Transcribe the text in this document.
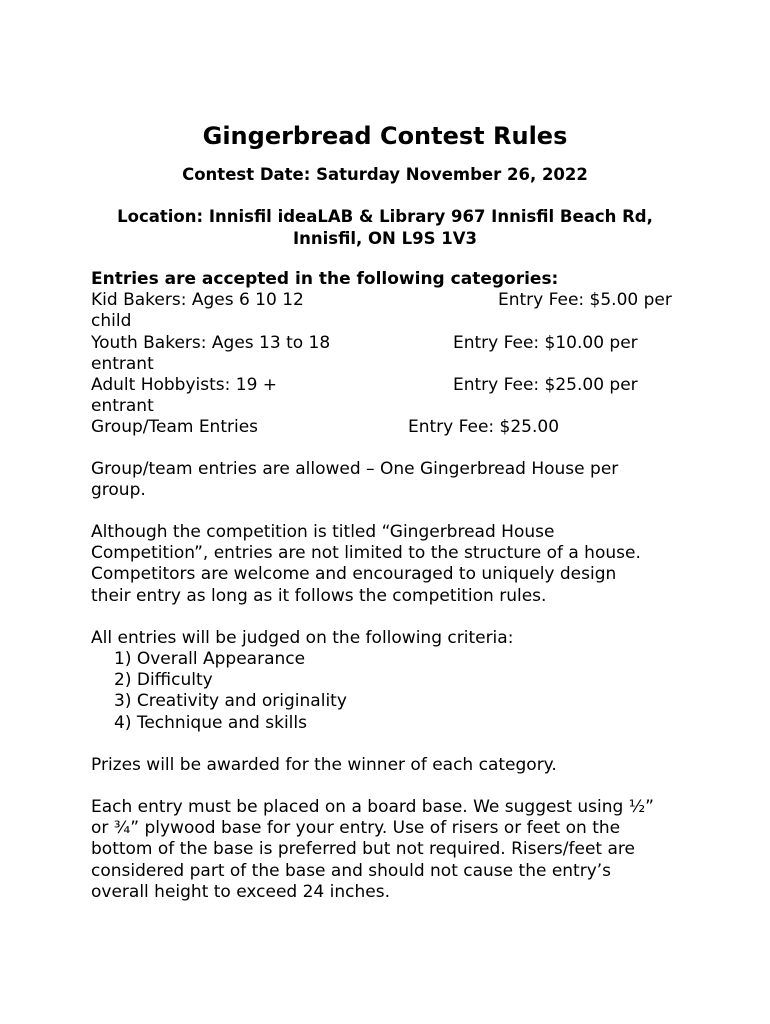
Gingerbread Contest Rules
Contest Date: Saturday November 26, 2022
Location: Innisfil ideaLAB & Library 967 Innisfil Beach Rd,
Innisfil, ON L9S 1V3
Entries are accepted in the following categories:
Kid Bakers: Ages 6 10 12	Entry Fee: $5.00 per
child
Youth Bakers: Ages 13 to 18	Entry Fee: $10.00 per
entrant
Adult Hobbyists: 19 +	Entry Fee: $25.00 per
entrant
Group/Team Entries	Entry Fee: $25.00
Group/team entries are allowed – One Gingerbread House per
group.
Although the competition is titled “Gingerbread House
Competition”, entries are not limited to the structure of a house.
Competitors are welcome and encouraged to uniquely design
their entry as long as it follows the competition rules.
All entries will be judged on the following criteria:
1) Overall Appearance
2) Difficulty
3) Creativity and originality
4) Technique and skills
Prizes will be awarded for the winner of each category.
Each entry must be placed on a board base. We suggest using ½”
or ¾” plywood base for your entry. Use of risers or feet on the
bottom of the base is preferred but not required. Risers/feet are
considered part of the base and should not cause the entry’s
overall height to exceed 24 inches.
